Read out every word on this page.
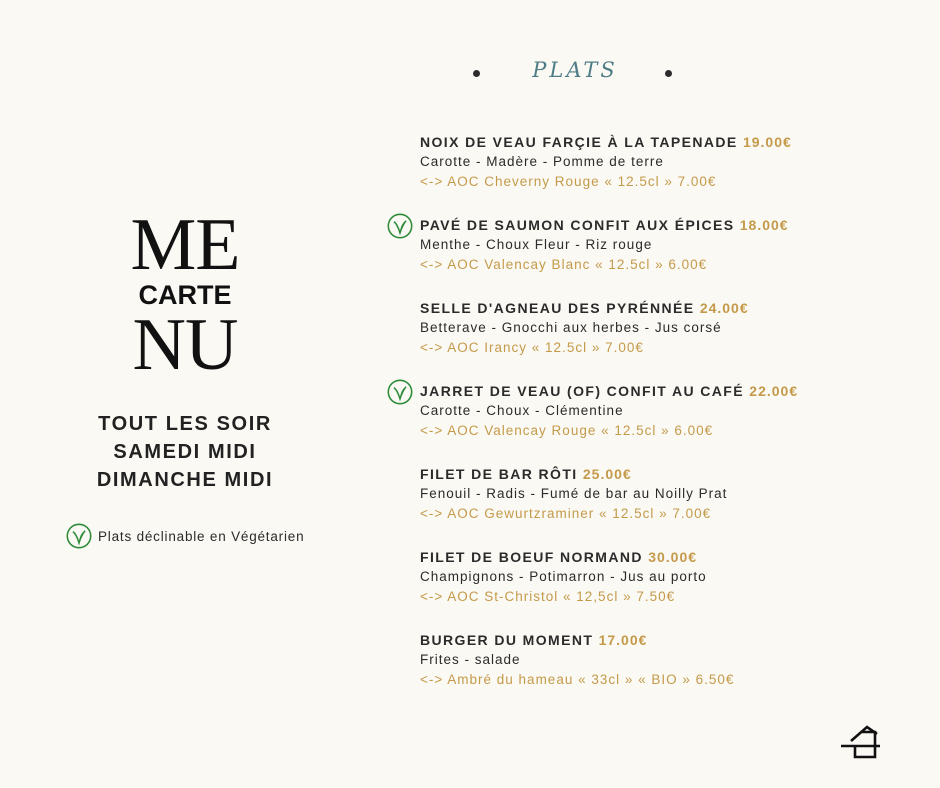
PLATS
ME
CARTE
NU
TOUT LES SOIR
SAMEDI MIDI
DIMANCHE MIDI
Plats déclinable en Végétarien
NOIX DE VEAU FARÇIE À LA TAPENADE 19.00€
Carotte - Madère - Pomme de terre
<-> AOC Cheverny Rouge « 12.5cl » 7.00€
PAVÉ DE SAUMON CONFIT AUX ÉPICES 18.00€
Menthe - Choux Fleur - Riz rouge
<-> AOC Valencay Blanc « 12.5cl » 6.00€
SELLE D'AGNEAU DES PYRÉNNÉE 24.00€
Betterave - Gnocchi aux herbes - Jus corsé
<-> AOC Irancy « 12.5cl » 7.00€
JARRET DE VEAU (OF) CONFIT AU CAFÉ 22.00€
Carotte - Choux - Clémentine
<-> AOC Valencay Rouge « 12.5cl » 6.00€
FILET DE BAR RÔTI 25.00€
Fenouil - Radis - Fumé de bar au Noilly Prat
<-> AOC Gewurtzraminer « 12.5cl » 7.00€
FILET DE BOEUF NORMAND 30.00€
Champignons - Potimarron - Jus au porto
<-> AOC St-Christol « 12,5cl » 7.50€
BURGER DU MOMENT 17.00€
Frites - salade
<-> Ambré du hameau « 33cl » « BIO » 6.50€
